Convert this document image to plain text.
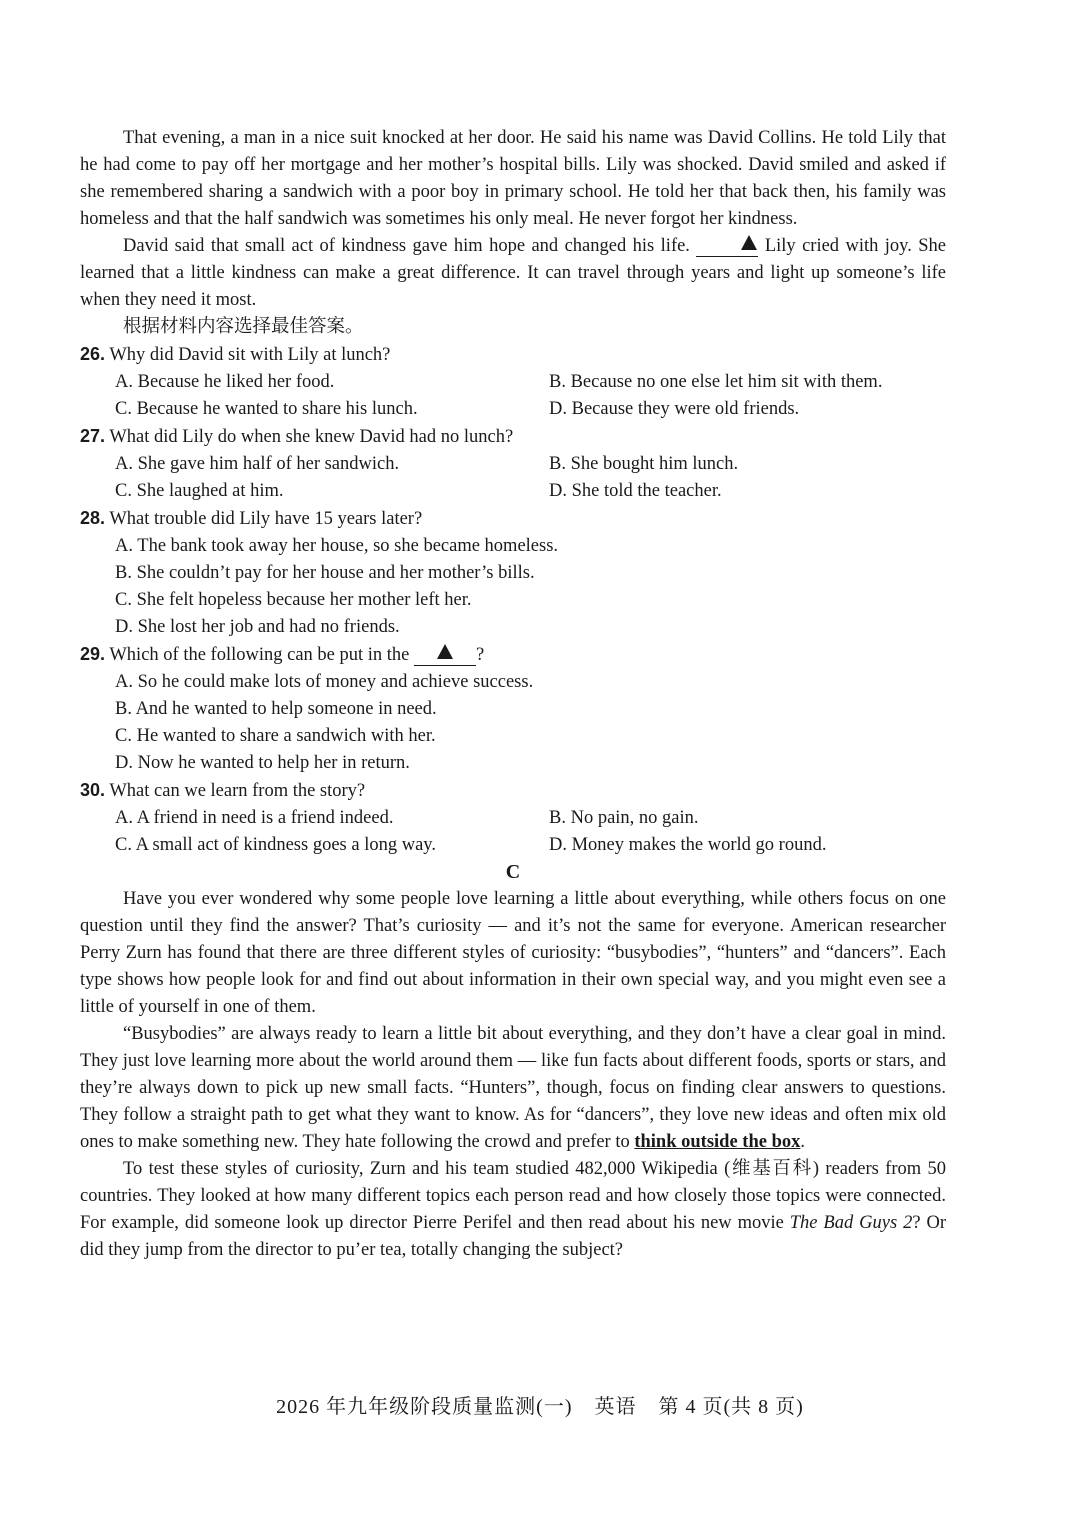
That evening, a man in a nice suit knocked at her door. He said his name was David Collins. He told Lily that he had come to pay off her mortgage and her mother’s hospital bills. Lily was shocked. David smiled and asked if she remembered sharing a sandwich with a poor boy in primary school. He told her that back then, his family was homeless and that the half sandwich was sometimes his only meal. He never forgot her kindness.

David said that small act of kindness gave him hope and changed his life.	Lily cried with joy. She learned that a little kindness can make a great difference. It can travel through years and light up someone’s life when they need it most.

根据材料内容选择最佳答案。

26. Why did David sit with Lily at lunch?

A. Because he liked her food.	B. Because no one else let him sit with them.

C. Because he wanted to share his lunch.	D. Because they were old friends.

27. What did Lily do when she knew David had no lunch?

A. She gave him half of her sandwich.	B. She bought him lunch.

C. She laughed at him.	D. She told the teacher.

28. What trouble did Lily have 15 years later?

A. The bank took away her house, so she became homeless.

B. She couldn’t pay for her house and her mother’s bills.

C. She felt hopeless because her mother left her.

D. She lost her job and had no friends.

29. Which of the following can be put in the	?

A. So he could make lots of money and achieve success.

B. And he wanted to help someone in need.

C. He wanted to share a sandwich with her.

D. Now he wanted to help her in return.

30. What can we learn from the story?

A. A friend in need is a friend indeed.	B. No pain, no gain.

C. A small act of kindness goes a long way.	D. Money makes the world go round.

C

Have you ever wondered why some people love learning a little about everything, while others focus on one question until they find the answer? That’s curiosity — and it’s not the same for everyone. American researcher Perry Zurn has found that there are three different styles of curiosity: “busybodies”, “hunters” and “dancers”. Each type shows how people look for and find out about information in their own special way, and you might even see a little of yourself in one of them.

“Busybodies” are always ready to learn a little bit about everything, and they don’t have a clear goal in mind. They just love learning more about the world around them — like fun facts about different foods, sports or stars, and they’re always down to pick up new small facts. “Hunters”, though, focus on finding clear answers to questions. They follow a straight path to get what they want to know. As for “dancers”, they love new ideas and often mix old ones to make something new. They hate following the crowd and prefer to think outside the box.

To test these styles of curiosity, Zurn and his team studied 482,000 Wikipedia (维基百科) readers from 50 countries. They looked at how many different topics each person read and how closely those topics were connected. For example, did someone look up director Pierre Perifel and then read about his new movie The Bad Guys 2? Or did they jump from the director to pu’er tea, totally changing the subject?

2026 年九年级阶段质量监测(一) 英语 第 4 页(共 8 页)
